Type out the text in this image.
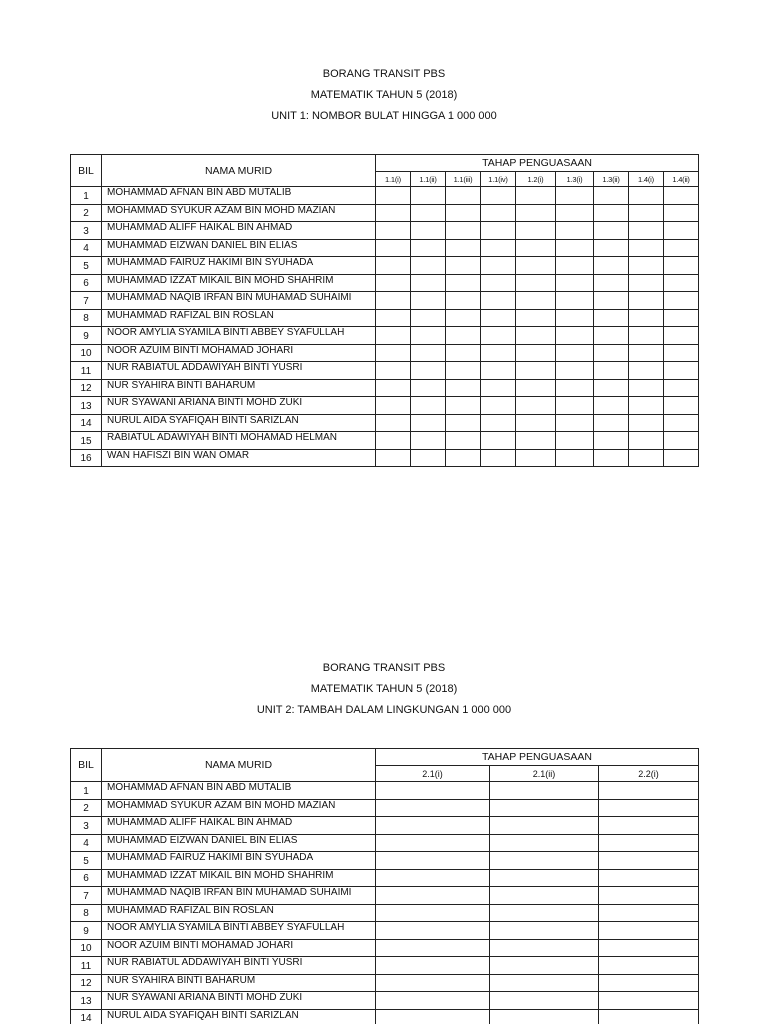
BORANG TRANSIT PBS
MATEMATIK TAHUN 5 (2018)
UNIT 1: NOMBOR BULAT HINGGA 1 000 000
BIL	NAMA MURID	TAHAP PENGUASAAN								
		1.1(i)	1.1(ii)	1.1(iii)	1.1(iv)	1.2(i)	1.3(i)	1.3(ii)	1.4(i)	1.4(ii)
1	MOHAMMAD AFNAN BIN ABD MUTALIB									
2	MOHAMMAD SYUKUR AZAM BIN MOHD MAZIAN									
3	MUHAMMAD ALIFF HAIKAL BIN AHMAD									
4	MUHAMMAD EIZWAN DANIEL BIN ELIAS									
5	MUHAMMAD FAIRUZ HAKIMI BIN SYUHADA									
6	MUHAMMAD IZZAT MIKAIL BIN MOHD SHAHRIM									
7	MUHAMMAD NAQIB IRFAN BIN MUHAMAD SUHAIMI									
8	MUHAMMAD RAFIZAL BIN ROSLAN									
9	NOOR AMYLIA SYAMILA BINTI ABBEY SYAFULLAH									
10	NOOR AZUIM BINTI MOHAMAD JOHARI									
11	NUR RABIATUL ADDAWIYAH BINTI YUSRI									
12	NUR SYAHIRA BINTI BAHARUM									
13	NUR SYAWANI ARIANA BINTI MOHD ZUKI									
14	NURUL AIDA SYAFIQAH BINTI SARIZLAN									
15	RABIATUL ADAWIYAH BINTI MOHAMAD HELMAN									
16	WAN HAFISZI BIN WAN OMAR									
BORANG TRANSIT PBS
MATEMATIK TAHUN 5 (2018)
UNIT 2: TAMBAH DALAM LINGKUNGAN 1 000 000
BIL	NAMA MURID	TAHAP PENGUASAAN		
		2.1(i)	2.1(ii)	2.2(i)
1	MOHAMMAD AFNAN BIN ABD MUTALIB			
2	MOHAMMAD SYUKUR AZAM BIN MOHD MAZIAN			
3	MUHAMMAD ALIFF HAIKAL BIN AHMAD			
4	MUHAMMAD EIZWAN DANIEL BIN ELIAS			
5	MUHAMMAD FAIRUZ HAKIMI BIN SYUHADA			
6	MUHAMMAD IZZAT MIKAIL BIN MOHD SHAHRIM			
7	MUHAMMAD NAQIB IRFAN BIN MUHAMAD SUHAIMI			
8	MUHAMMAD RAFIZAL BIN ROSLAN			
9	NOOR AMYLIA SYAMILA BINTI ABBEY SYAFULLAH			
10	NOOR AZUIM BINTI MOHAMAD JOHARI			
11	NUR RABIATUL ADDAWIYAH BINTI YUSRI			
12	NUR SYAHIRA BINTI BAHARUM			
13	NUR SYAWANI ARIANA BINTI MOHD ZUKI			
14	NURUL AIDA SYAFIQAH BINTI SARIZLAN			
